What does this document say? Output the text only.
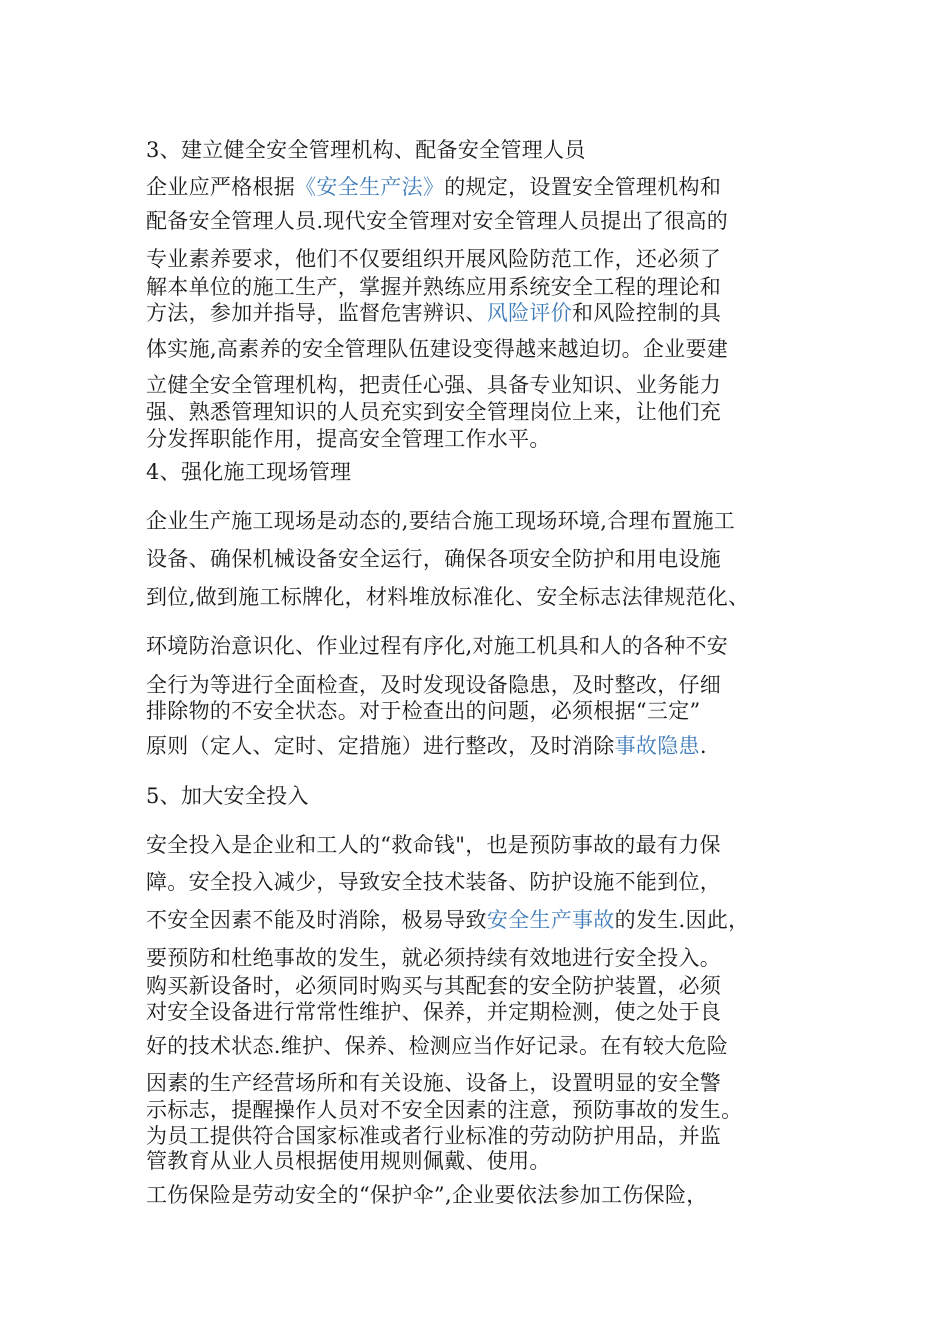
3、建立健全安全管理机构、配备安全管理人员
企业应严格根据《安全生产法》的规定，设置安全管理机构和
配备安全管理人员.现代安全管理对安全管理人员提出了很高的
专业素养要求，他们不仅要组织开展风险防范工作，还必须了
解本单位的施工生产，掌握并熟练应用系统安全工程的理论和
方法，参加并指导，监督危害辨识、风险评价和风险控制的具
体实施,高素养的安全管理队伍建设变得越来越迫切。企业要建
立健全安全管理机构，把责任心强、具备专业知识、业务能力
强、熟悉管理知识的人员充实到安全管理岗位上来，让他们充
分发挥职能作用，提高安全管理工作水平。
4、强化施工现场管理
企业生产施工现场是动态的,要结合施工现场环境,合理布置施工
设备、确保机械设备安全运行，确保各项安全防护和用电设施
到位,做到施工标牌化，材料堆放标准化、安全标志法律规范化、
环境防治意识化、作业过程有序化,对施工机具和人的各种不安
全行为等进行全面检查，及时发现设备隐患，及时整改，仔细
排除物的不安全状态。对于检查出的问题，必须根据“三定”
原则（定人、定时、定措施）进行整改，及时消除事故隐患.
5、加大安全投入
安全投入是企业和工人的“救命钱"，也是预防事故的最有力保
障。安全投入减少，导致安全技术装备、防护设施不能到位，
不安全因素不能及时消除，极易导致安全生产事故的发生.因此，
要预防和杜绝事故的发生，就必须持续有效地进行安全投入。
购买新设备时，必须同时购买与其配套的安全防护装置，必须
对安全设备进行常常性维护、保养，并定期检测，使之处于良
好的技术状态.维护、保养、检测应当作好记录。在有较大危险
因素的生产经营场所和有关设施、设备上，设置明显的安全警
示标志，提醒操作人员对不安全因素的注意，预防事故的发生。
为员工提供符合国家标准或者行业标准的劳动防护用品，并监
管教育从业人员根据使用规则佩戴、使用。
工伤保险是劳动安全的“保护伞”,企业要依法参加工伤保险，
